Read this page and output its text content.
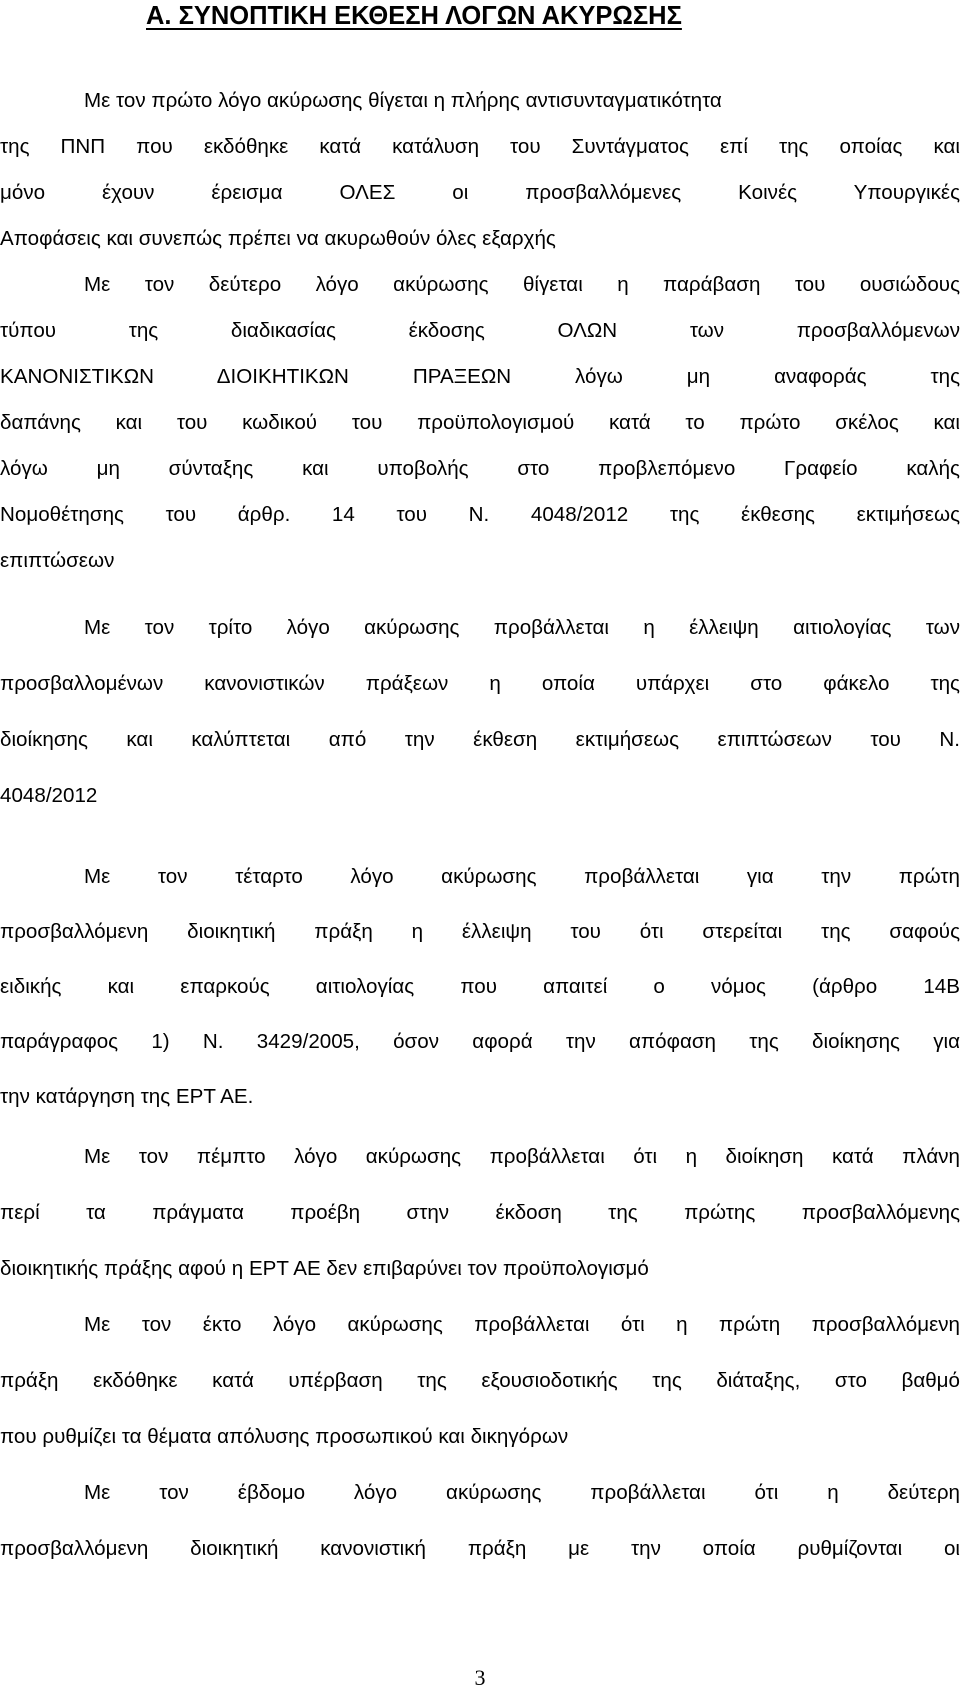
Α. ΣΥΝΟΠΤΙΚΗ ΕΚΘΕΣΗ ΛΟΓΩΝ ΑΚΥΡΩΣΗΣ
Με τον πρώτο λόγο ακύρωσης θίγεται η πλήρης αντισυνταγματικότητα
της ΠΝΠ που εκδόθηκε κατά κατάλυση του Συντάγματος επί της οποίας και
μόνο έχουν έρεισμα ΟΛΕΣ οι προσβαλλόμενες Κοινές Υπουργικές
Αποφάσεις και συνεπώς πρέπει να ακυρωθούν όλες εξαρχής
Με τον δεύτερο λόγο ακύρωσης θίγεται η παράβαση του ουσιώδους
τύπου της διαδικασίας έκδοσης ΟΛΩΝ των προσβαλλόμενων
ΚΑΝΟΝΙΣΤΙΚΩΝ ΔΙΟΙΚΗΤΙΚΩΝ ΠΡΑΞΕΩΝ λόγω μη αναφοράς της
δαπάνης και του κωδικού του προϋπολογισμού κατά το πρώτο σκέλος και
λόγω μη σύνταξης και υποβολής στο προβλεπόμενο Γραφείο καλής
Νομοθέτησης του άρθρ. 14 του Ν. 4048/2012 της έκθεσης εκτιμήσεως
επιπτώσεων
Με τον τρίτο λόγο ακύρωσης προβάλλεται η έλλειψη αιτιολογίας των
προσβαλλομένων κανονιστικών πράξεων η οποία υπάρχει στο φάκελο της
διοίκησης και καλύπτεται από την έκθεση εκτιμήσεως επιπτώσεων του Ν.
4048/2012
Με τον τέταρτο λόγο ακύρωσης προβάλλεται για την πρώτη
προσβαλλόμενη διοικητική πράξη η έλλειψη του ότι στερείται της σαφούς
ειδικής και επαρκούς αιτιολογίας που απαιτεί ο νόμος (άρθρο 14Β
παράγραφος 1) Ν. 3429/2005, όσον αφορά την απόφαση της διοίκησης για
την κατάργηση της ΕΡΤ ΑΕ.
Με τον πέμπτο λόγο ακύρωσης προβάλλεται ότι η διοίκηση κατά πλάνη
περί τα πράγματα προέβη στην έκδοση της πρώτης προσβαλλόμενης
διοικητικής πράξης αφού η ΕΡΤ ΑΕ δεν επιβαρύνει τον προϋπολογισμό
Με τον έκτο λόγο ακύρωσης προβάλλεται ότι η πρώτη προσβαλλόμενη
πράξη εκδόθηκε κατά υπέρβαση της εξουσιοδοτικής της διάταξης, στο βαθμό
που ρυθμίζει τα θέματα απόλυσης προσωπικού και δικηγόρων
Με τον έβδομο λόγο ακύρωσης προβάλλεται ότι η δεύτερη
προσβαλλόμενη διοικητική κανονιστική πράξη με την οποία ρυθμίζονται οι
3
